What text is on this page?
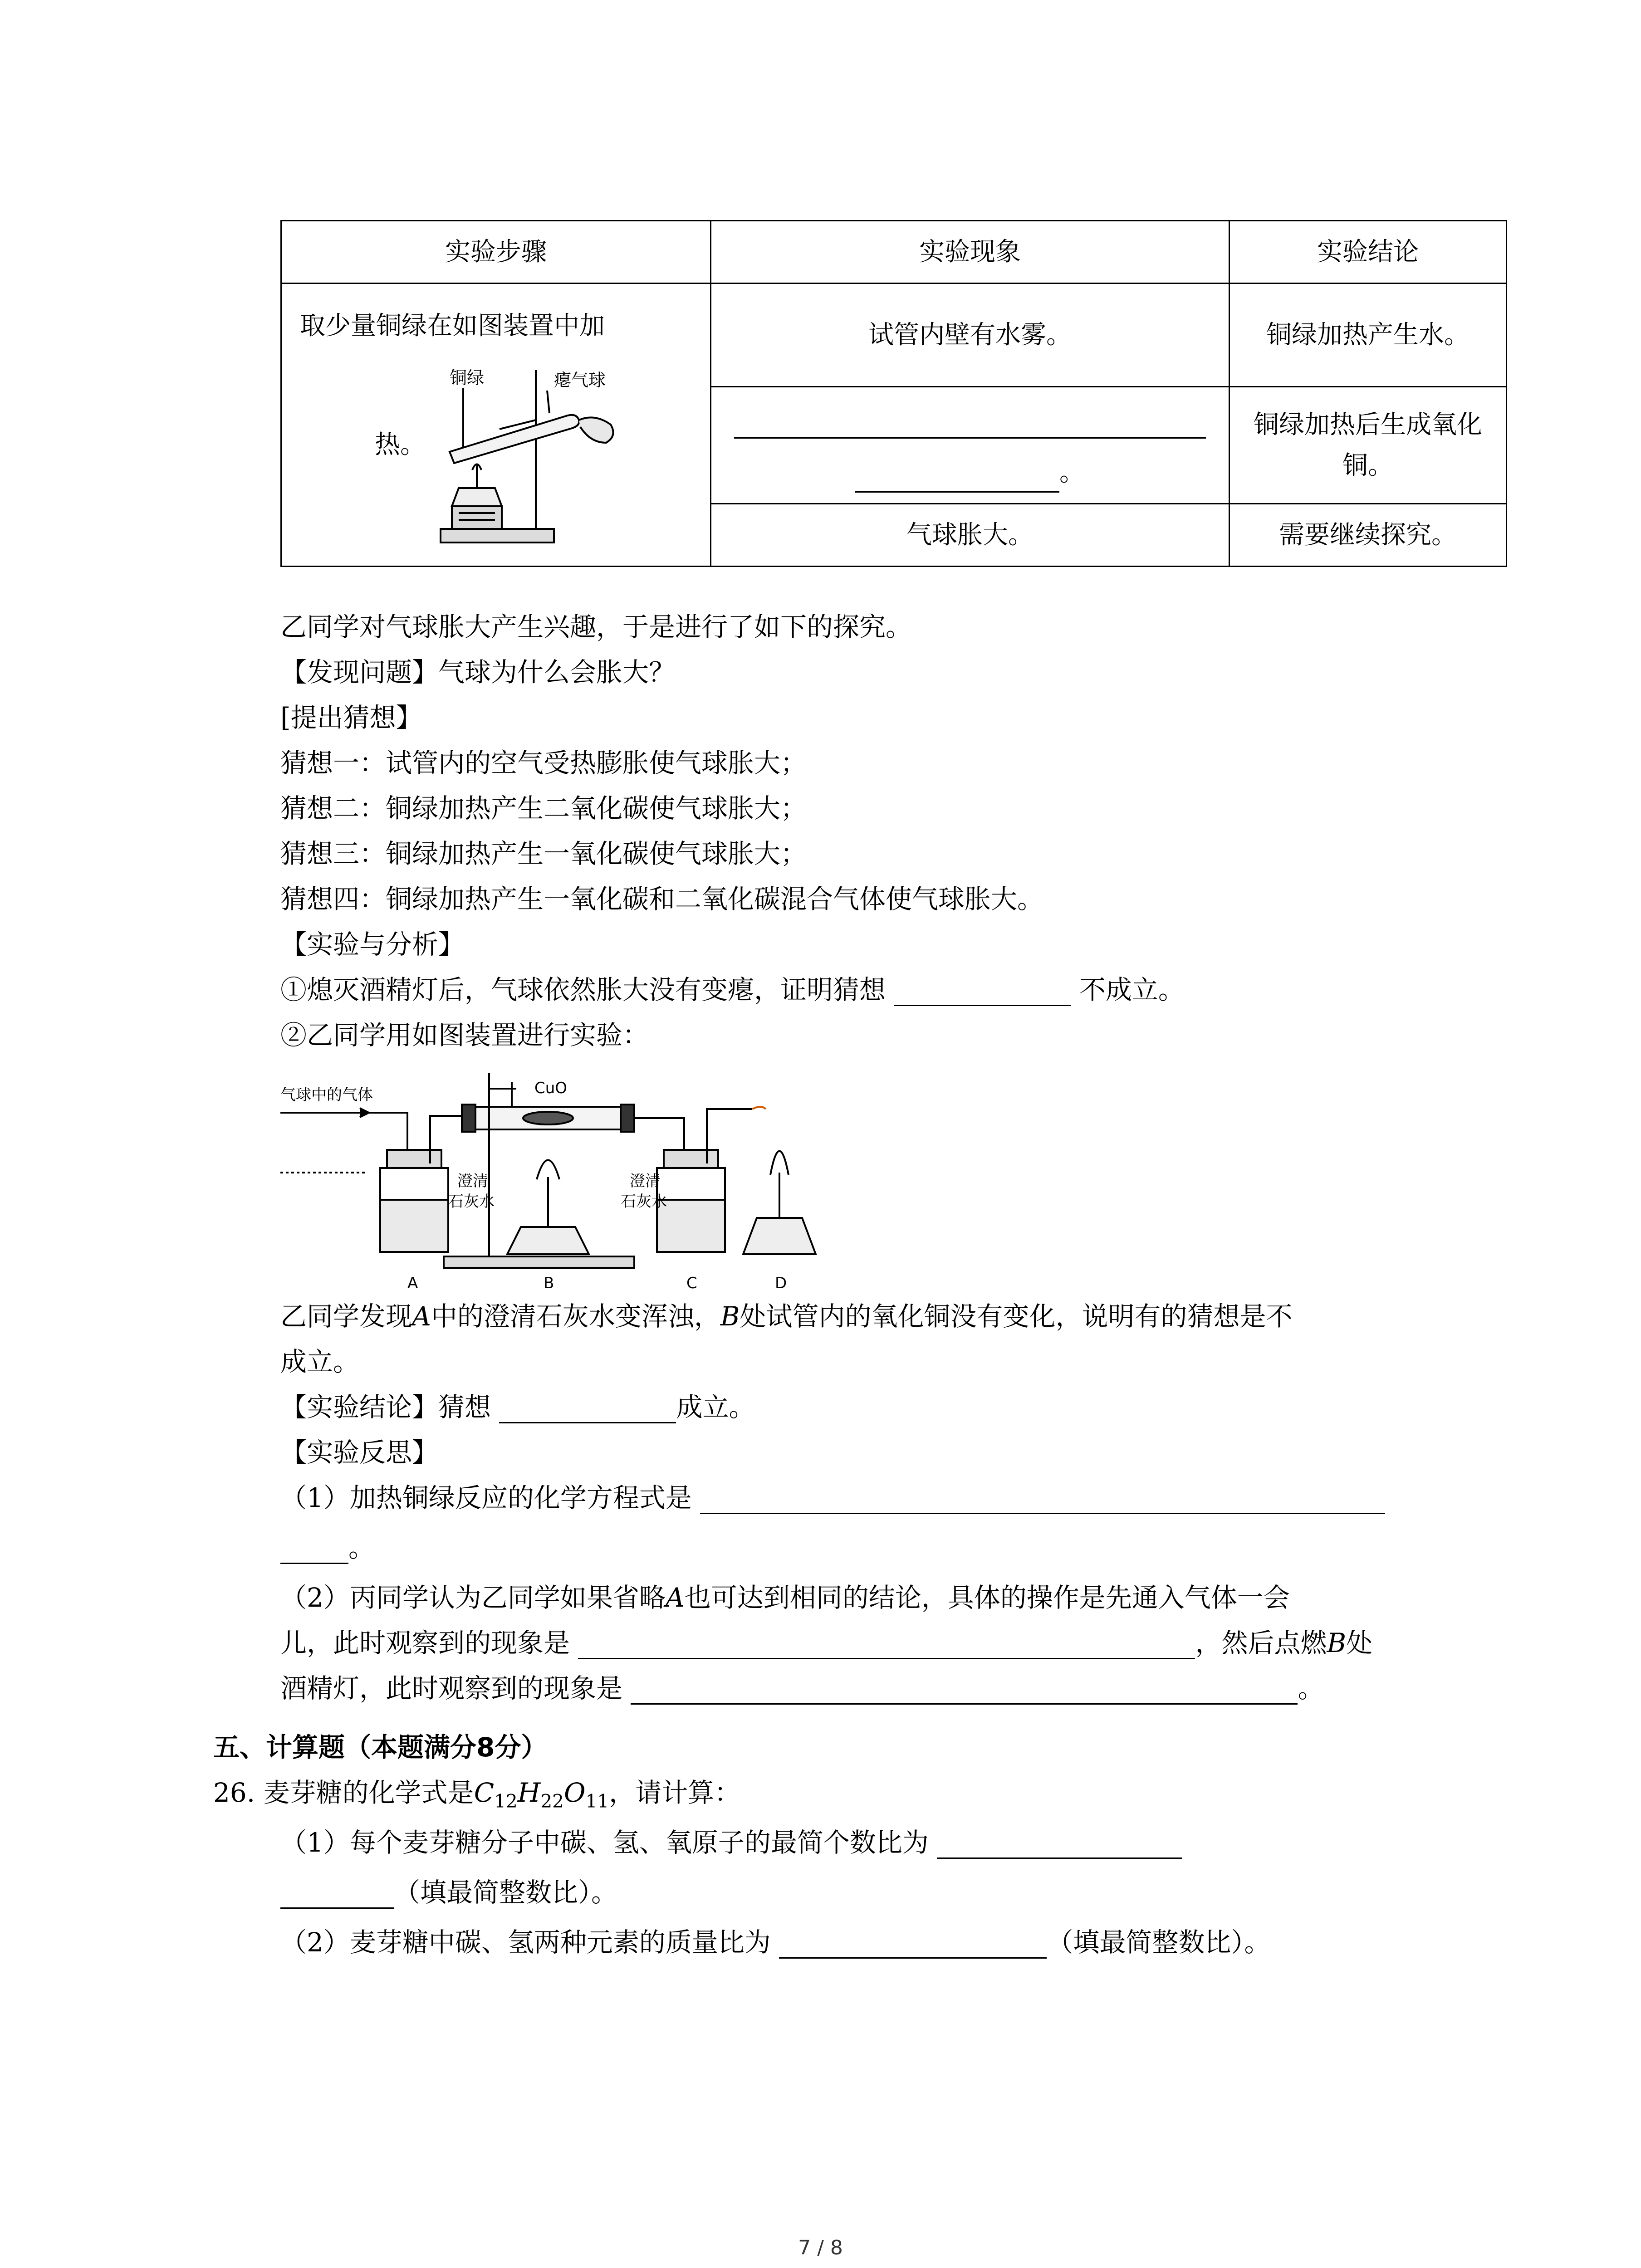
实验步骤	实验现象	实验结论

取少量铜绿在如图装置中加
热。
铜绿 瘪气球	试管内壁有水雾。	铜绿加热产生水。

	。	铜绿加热后生成氧化铜。
	气球胀大。	需要继续探究。
乙同学对气球胀大产生兴趣，于是进行了如下的探究。
【发现问题】气球为什么会胀大？
[提出猜想】
猜想一：试管内的空气受热膨胀使气球胀大；
猜想二：铜绿加热产生二氧化碳使气球胀大；
猜想三：铜绿加热产生一氧化碳使气球胀大；
猜想四：铜绿加热产生一氧化碳和二氧化碳混合气体使气球胀大。
【实验与分析】
①熄灭酒精灯后，气球依然胀大没有变瘪，证明猜想	不成立。
②乙同学用如图装置进行实验：
气球中的气体	CuO
澄清
石灰水
澄清
石灰水
A	B	C	D
乙同学发现A中的澄清石灰水变浑浊，B处试管内的氧化铜没有变化，说明有的猜想是不
成立。
【实验结论】猜想	成立。
【实验反思】
（1）加热铜绿反应的化学方程式是
。
（2）丙同学认为乙同学如果省略A也可达到相同的结论，具体的操作是先通入气体一会
儿，此时观察到的现象是	，然后点燃B处
酒精灯，此时观察到的现象是	。
五、计算题（本题满分8分）
26. 麦芽糖的化学式是$C_{12}H_{22}O_{11}$，请计算：
（1）每个麦芽糖分子中碳、氢、氧原子的最简个数比为
（填最简整数比）。
（2）麦芽糖中碳、氢两种元素的质量比为	（填最简整数比）。
7 / 8
